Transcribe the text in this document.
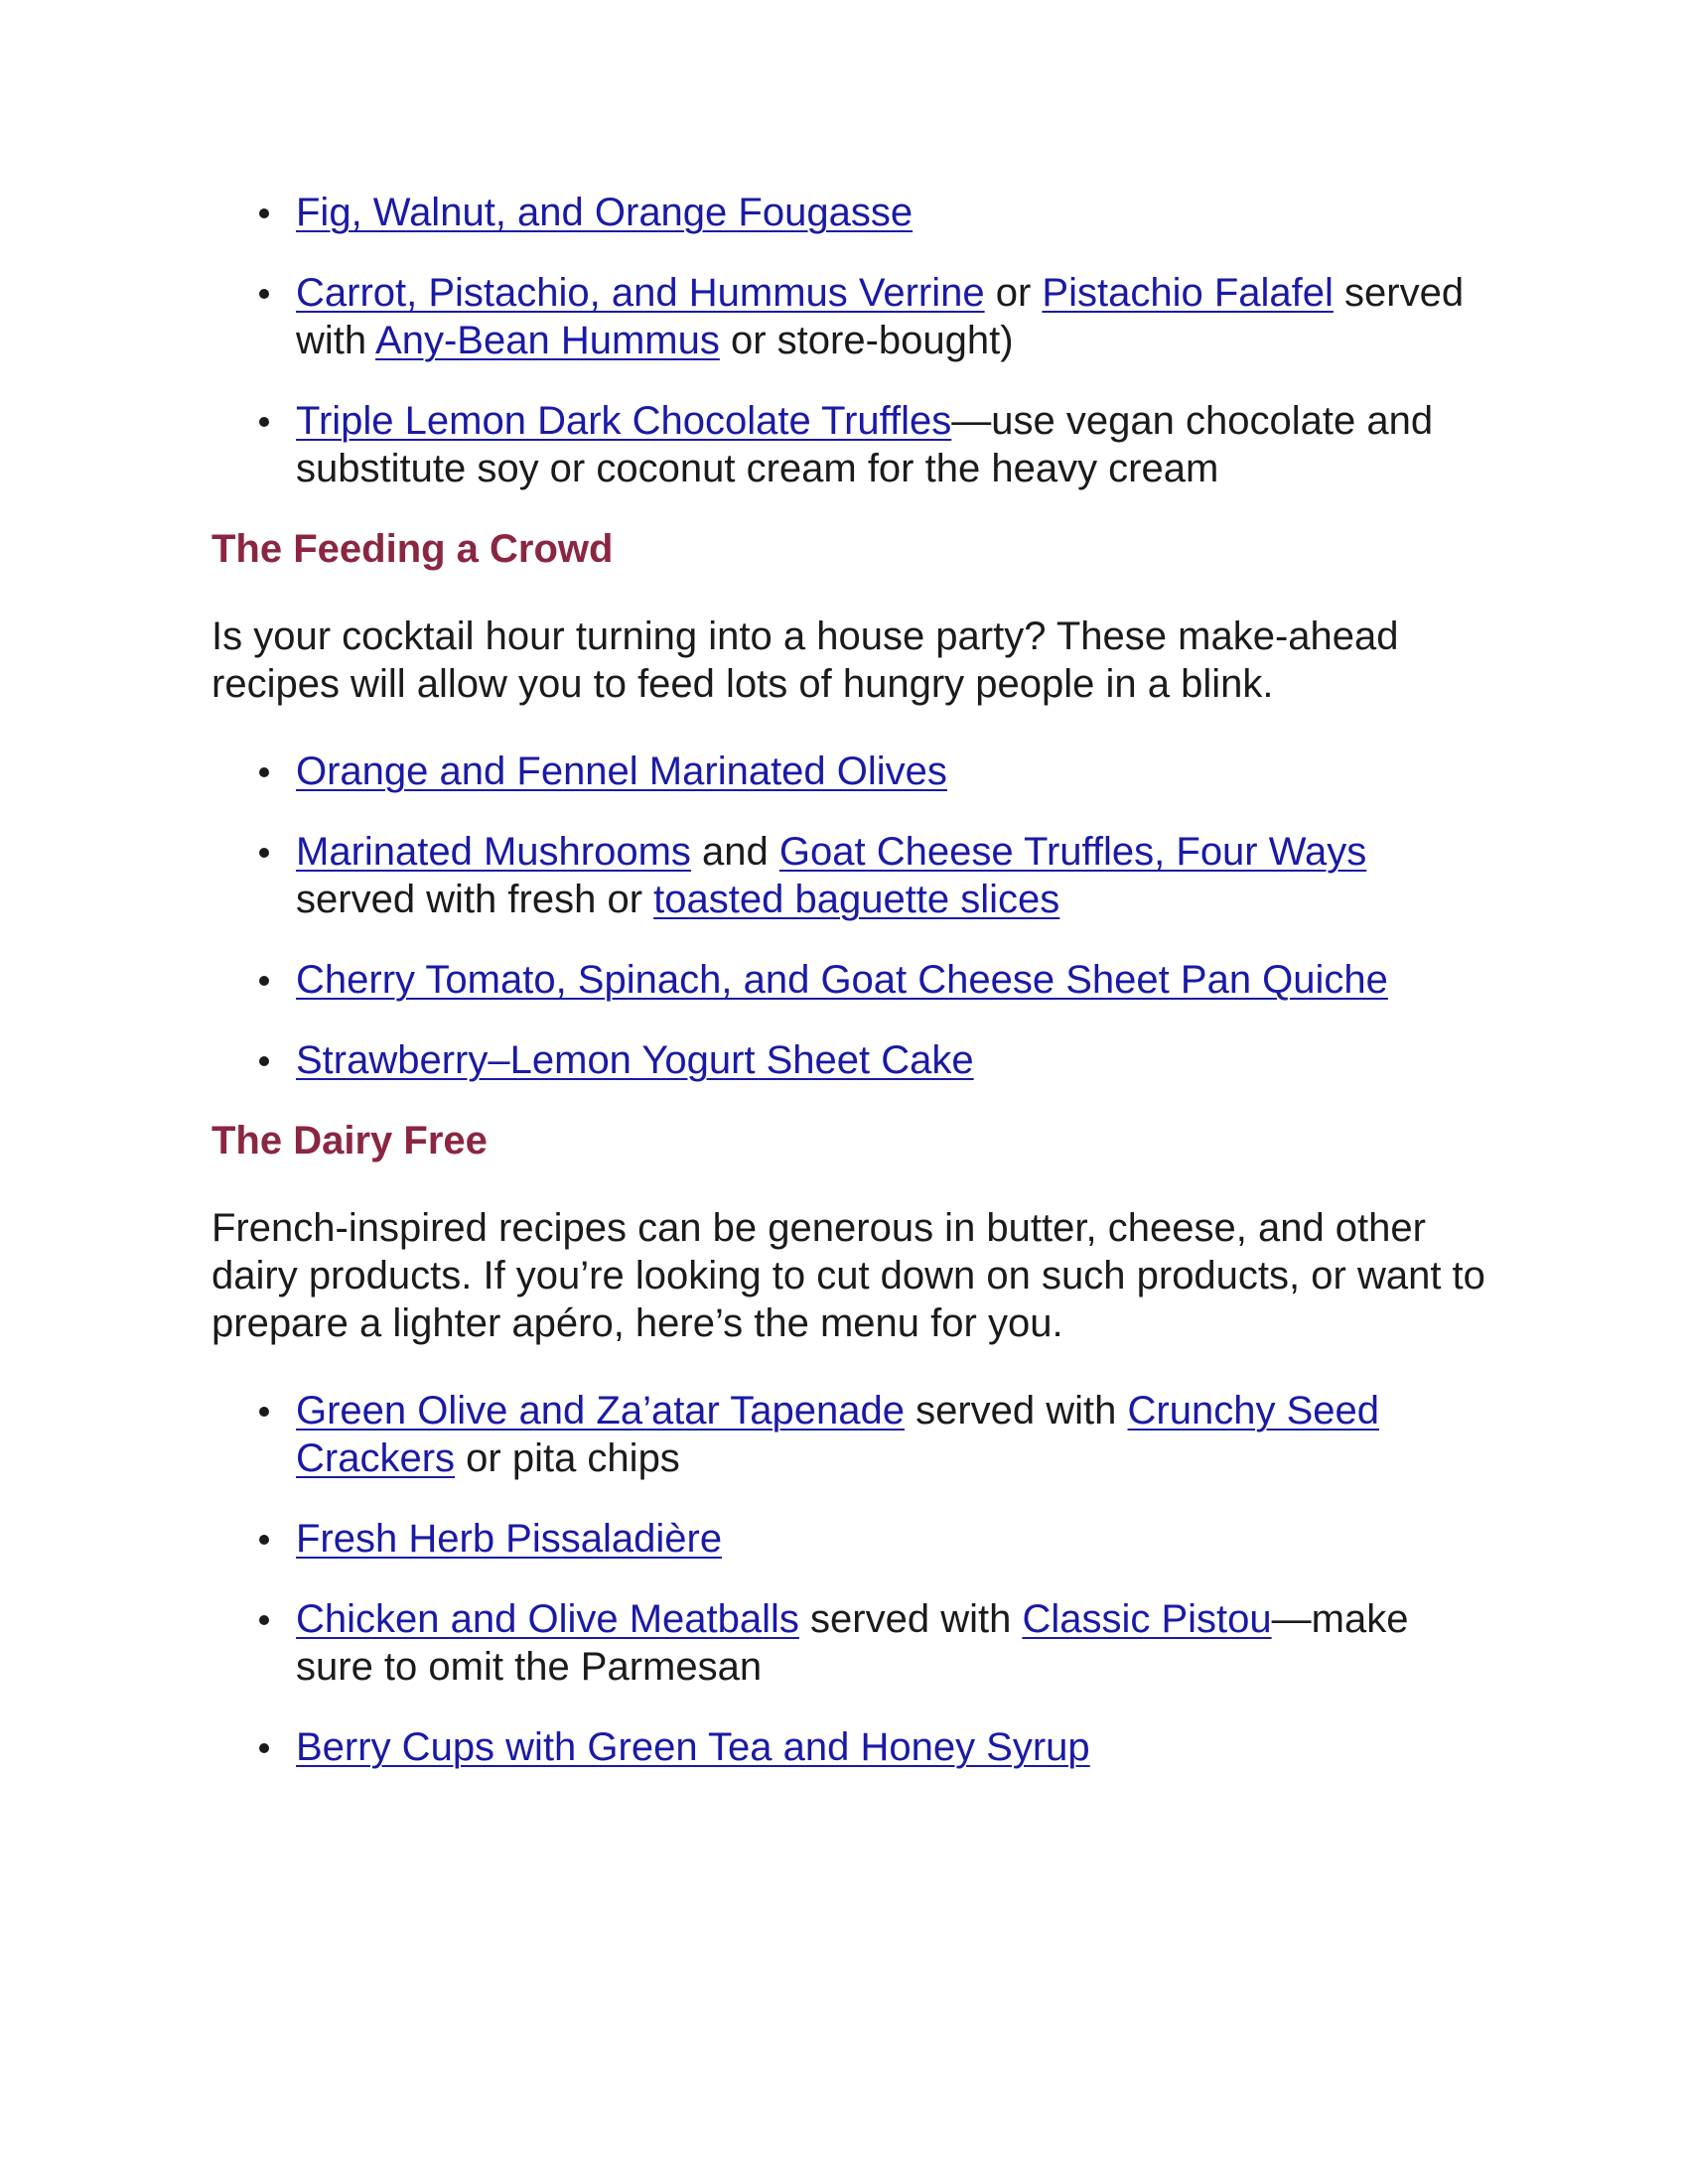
Fig, Walnut, and Orange Fougasse
Carrot, Pistachio, and Hummus Verrine or Pistachio Falafel served with Any-Bean Hummus or store-bought)
Triple Lemon Dark Chocolate Truffles—use vegan chocolate and substitute soy or coconut cream for the heavy cream
The Feeding a Crowd

Is your cocktail hour turning into a house party? These make-ahead recipes will allow you to feed lots of hungry people in a blink.

Orange and Fennel Marinated Olives
Marinated Mushrooms and Goat Cheese Truffles, Four Ways served with fresh or toasted baguette slices
Cherry Tomato, Spinach, and Goat Cheese Sheet Pan Quiche
Strawberry–Lemon Yogurt Sheet Cake
The Dairy Free

French-inspired recipes can be generous in butter, cheese, and other dairy products. If you’re looking to cut down on such products, or want to prepare a lighter apéro, here’s the menu for you.

Green Olive and Za’atar Tapenade served with Crunchy Seed Crackers or pita chips
Fresh Herb Pissaladière
Chicken and Olive Meatballs served with Classic Pistou—make sure to omit the Parmesan
Berry Cups with Green Tea and Honey Syrup
